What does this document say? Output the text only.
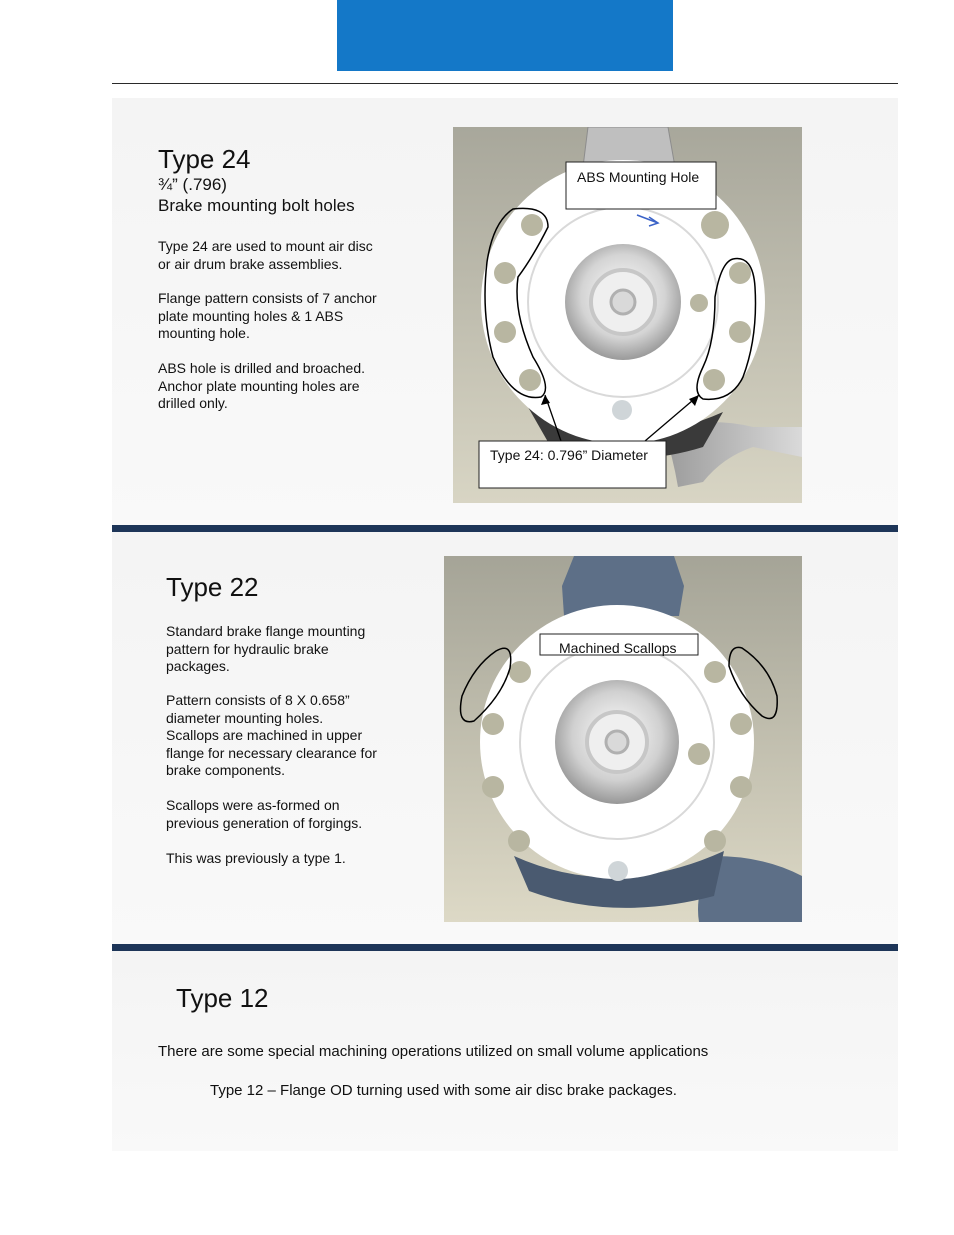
Type 24
¾” (.796)
Brake mounting bolt holes
Type 24 are used to mount air disc
or air drum brake assemblies.
Flange pattern consists of 7 anchor
plate mounting holes & 1 ABS
mounting hole.
ABS hole is drilled and broached.
Anchor plate mounting holes are
drilled only.
ABS Mounting Hole
Type 24: 0.796” Diameter
Type 22
Standard brake flange mounting
pattern for hydraulic brake
packages.
Pattern consists of 8 X 0.658”
diameter mounting holes.
Scallops are machined in upper
flange for necessary clearance for
brake components.
Scallops were as-formed on
previous generation of forgings.
This was previously a type 1.
Machined Scallops
Type 12
There are some special machining operations utilized on small volume applications
Type 12 – Flange OD turning used with some air disc brake packages.
